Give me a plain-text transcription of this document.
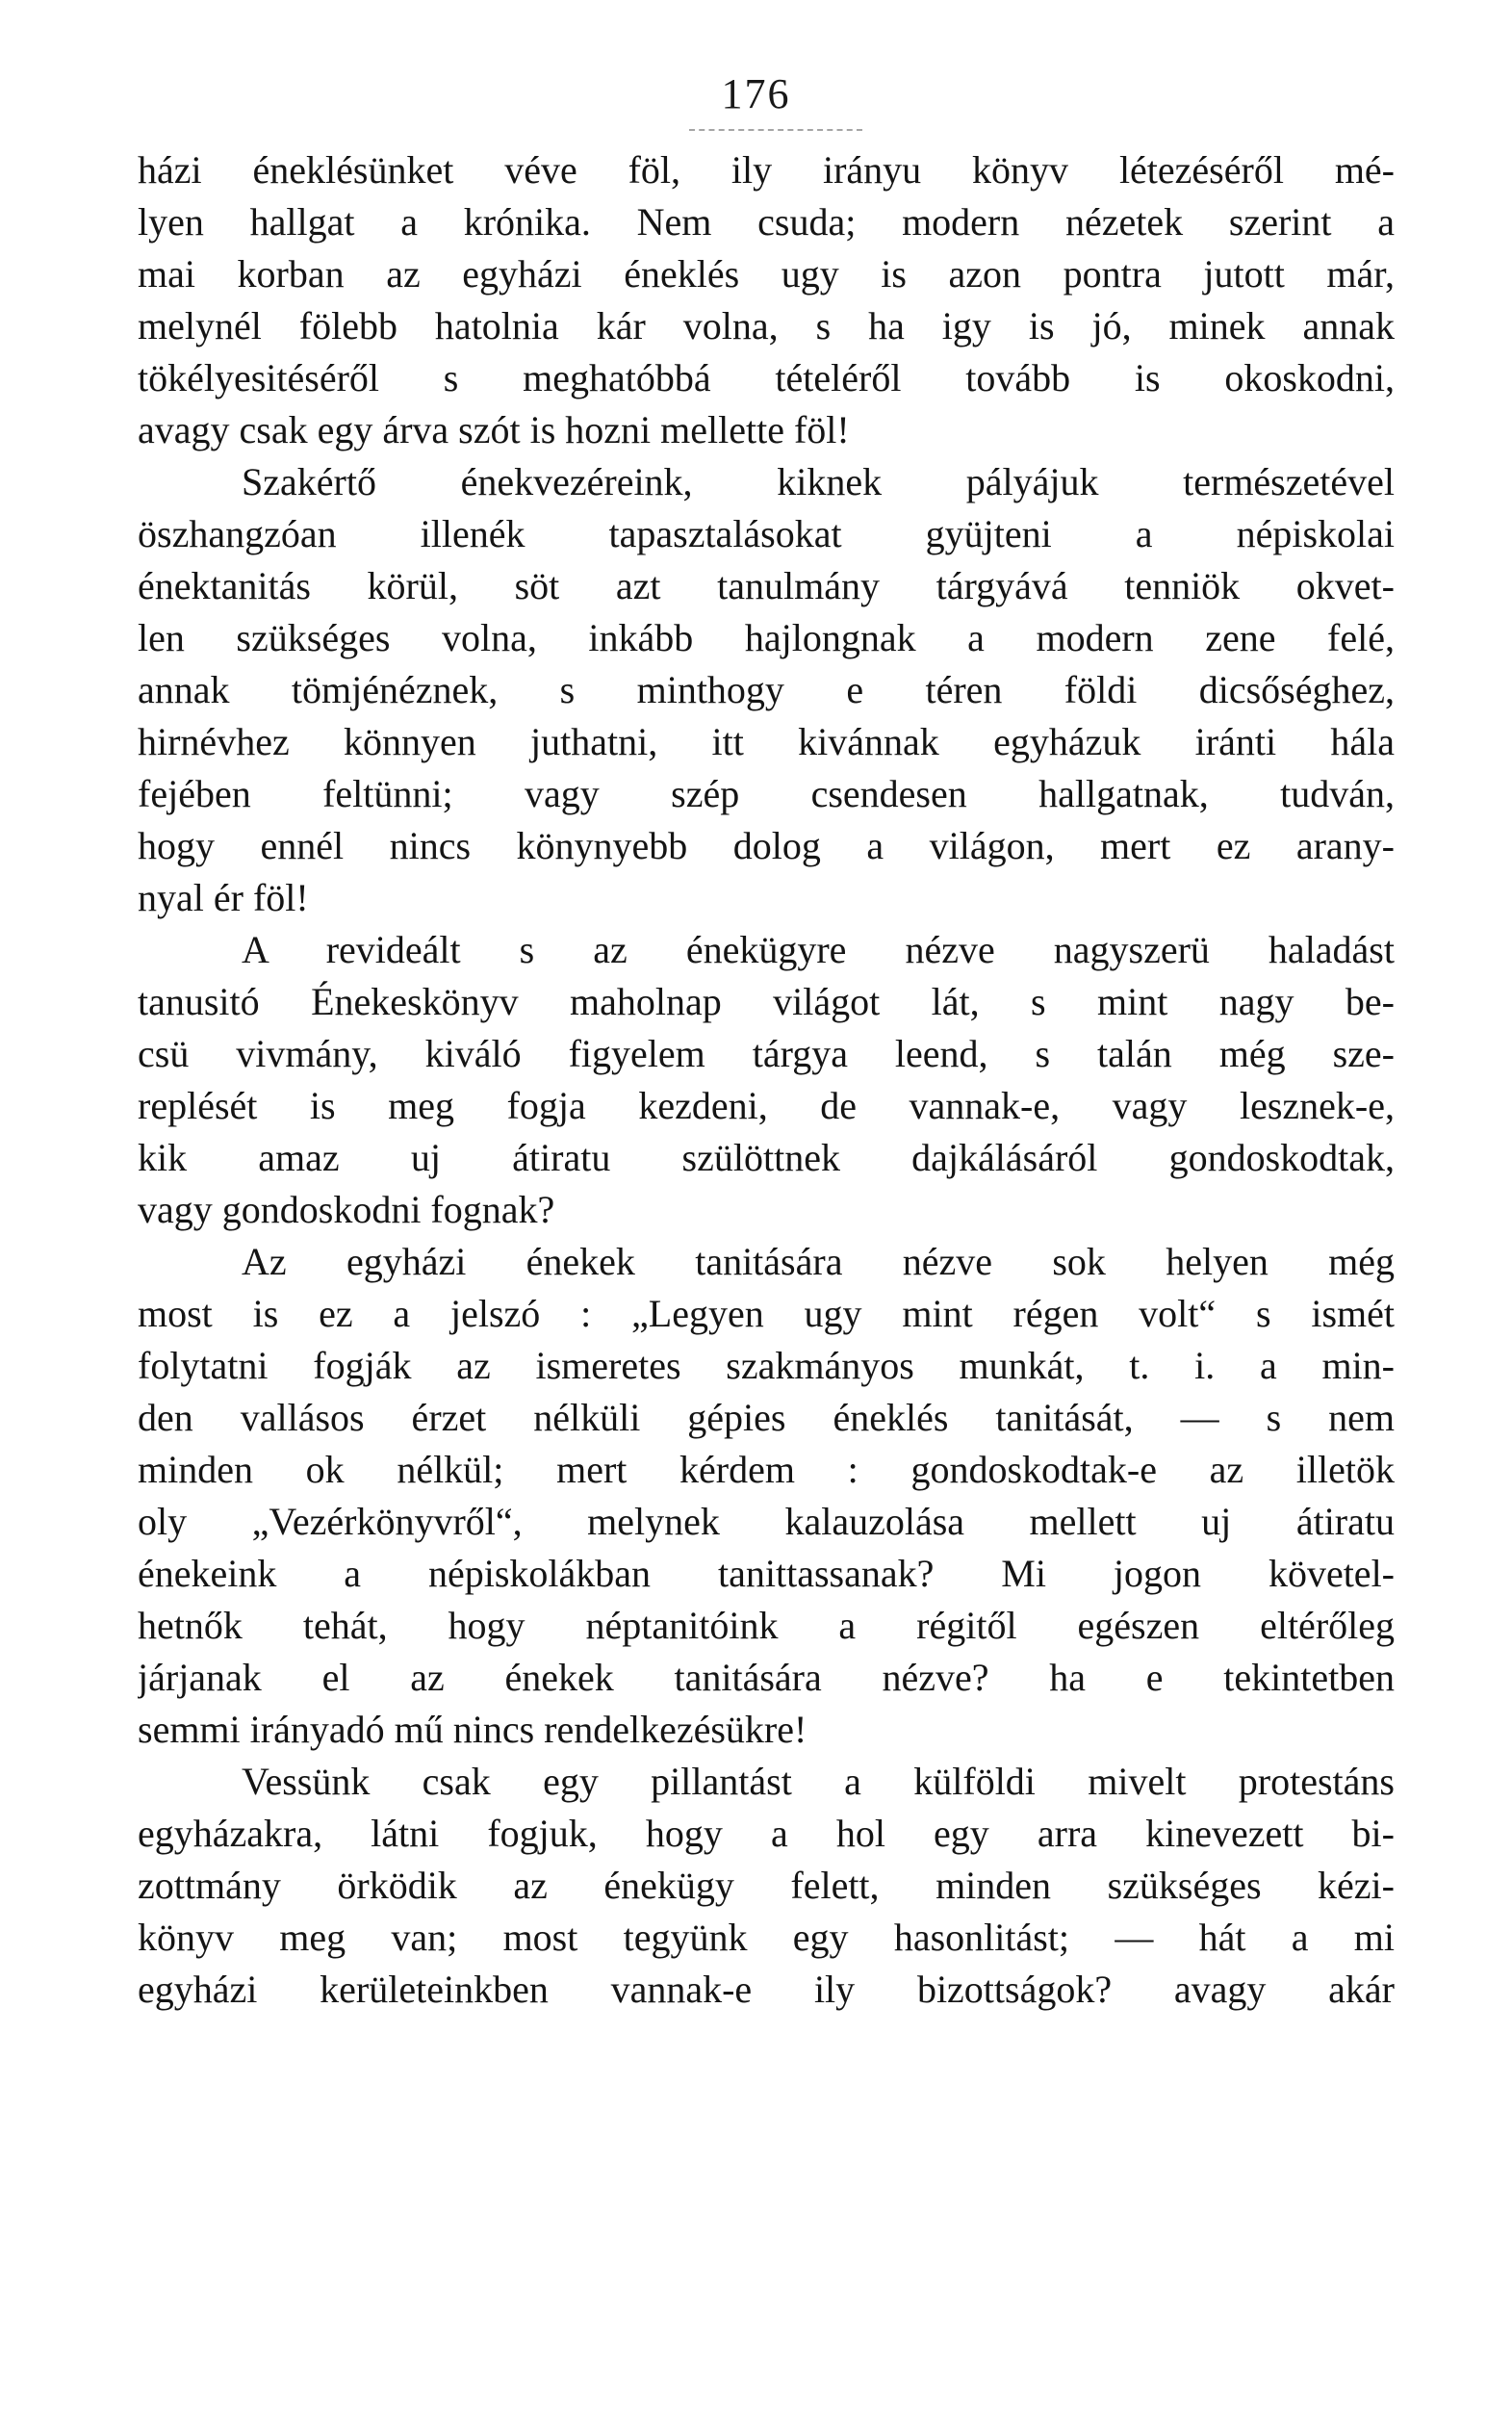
176
házi éneklésünket véve föl, ily irányu könyv létezéséről mé-
lyen hallgat a krónika. Nem csuda; modern nézetek szerint a
mai korban az egyházi éneklés ugy is azon pontra jutott már,
melynél fölebb hatolnia kár volna, s ha igy is jó, minek annak
tökélyesitéséről s meghatóbbá tételéről tovább is okoskodni,
avagy csak egy árva szót is hozni mellette föl!
Szakértő énekvezéreink, kiknek pályájuk természetével
öszhangzóan illenék tapasztalásokat gyüjteni a népiskolai
énektanitás körül, söt azt tanulmány tárgyává tenniök okvet-
len szükséges volna, inkább hajlongnak a modern zene felé,
annak tömjénéznek, s minthogy e téren földi dicsőséghez,
hirnévhez könnyen juthatni, itt kivánnak egyházuk iránti hála
fejében feltünni; vagy szép csendesen hallgatnak, tudván,
hogy ennél nincs könynyebb dolog a világon, mert ez arany-
nyal ér föl!
A revideált s az énekügyre nézve nagyszerü haladást
tanusitó Énekeskönyv maholnap világot lát, s mint nagy be-
csü vivmány, kiváló figyelem tárgya leend, s talán még sze-
replését is meg fogja kezdeni, de vannak-e, vagy lesznek-e,
kik amaz uj átiratu szülöttnek dajkálásáról gondoskodtak,
vagy gondoskodni fognak?
Az egyházi énekek tanitására nézve sok helyen még
most is ez a jelszó : „Legyen ugy mint régen volt“ s ismét
folytatni fogják az ismeretes szakmányos munkát, t. i. a min-
den vallásos érzet nélküli gépies éneklés tanitását, — s nem
minden ok nélkül; mert kérdem : gondoskodtak-e az illetök
oly „Vezérkönyvről“, melynek kalauzolása mellett uj átiratu
énekeink a népiskolákban tanittassanak? Mi jogon követel-
hetnők tehát, hogy néptanitóink a régitől egészen eltérőleg
járjanak el az énekek tanitására nézve? ha e tekintetben
semmi irányadó mű nincs rendelkezésükre!
Vessünk csak egy pillantást a külföldi mivelt protestáns
egyházakra, látni fogjuk, hogy a hol egy arra kinevezett bi-
zottmány örködik az énekügy felett, minden szükséges kézi-
könyv meg van; most tegyünk egy hasonlitást; — hát a mi
egyházi kerületeinkben vannak-e ily bizottságok? avagy akár
